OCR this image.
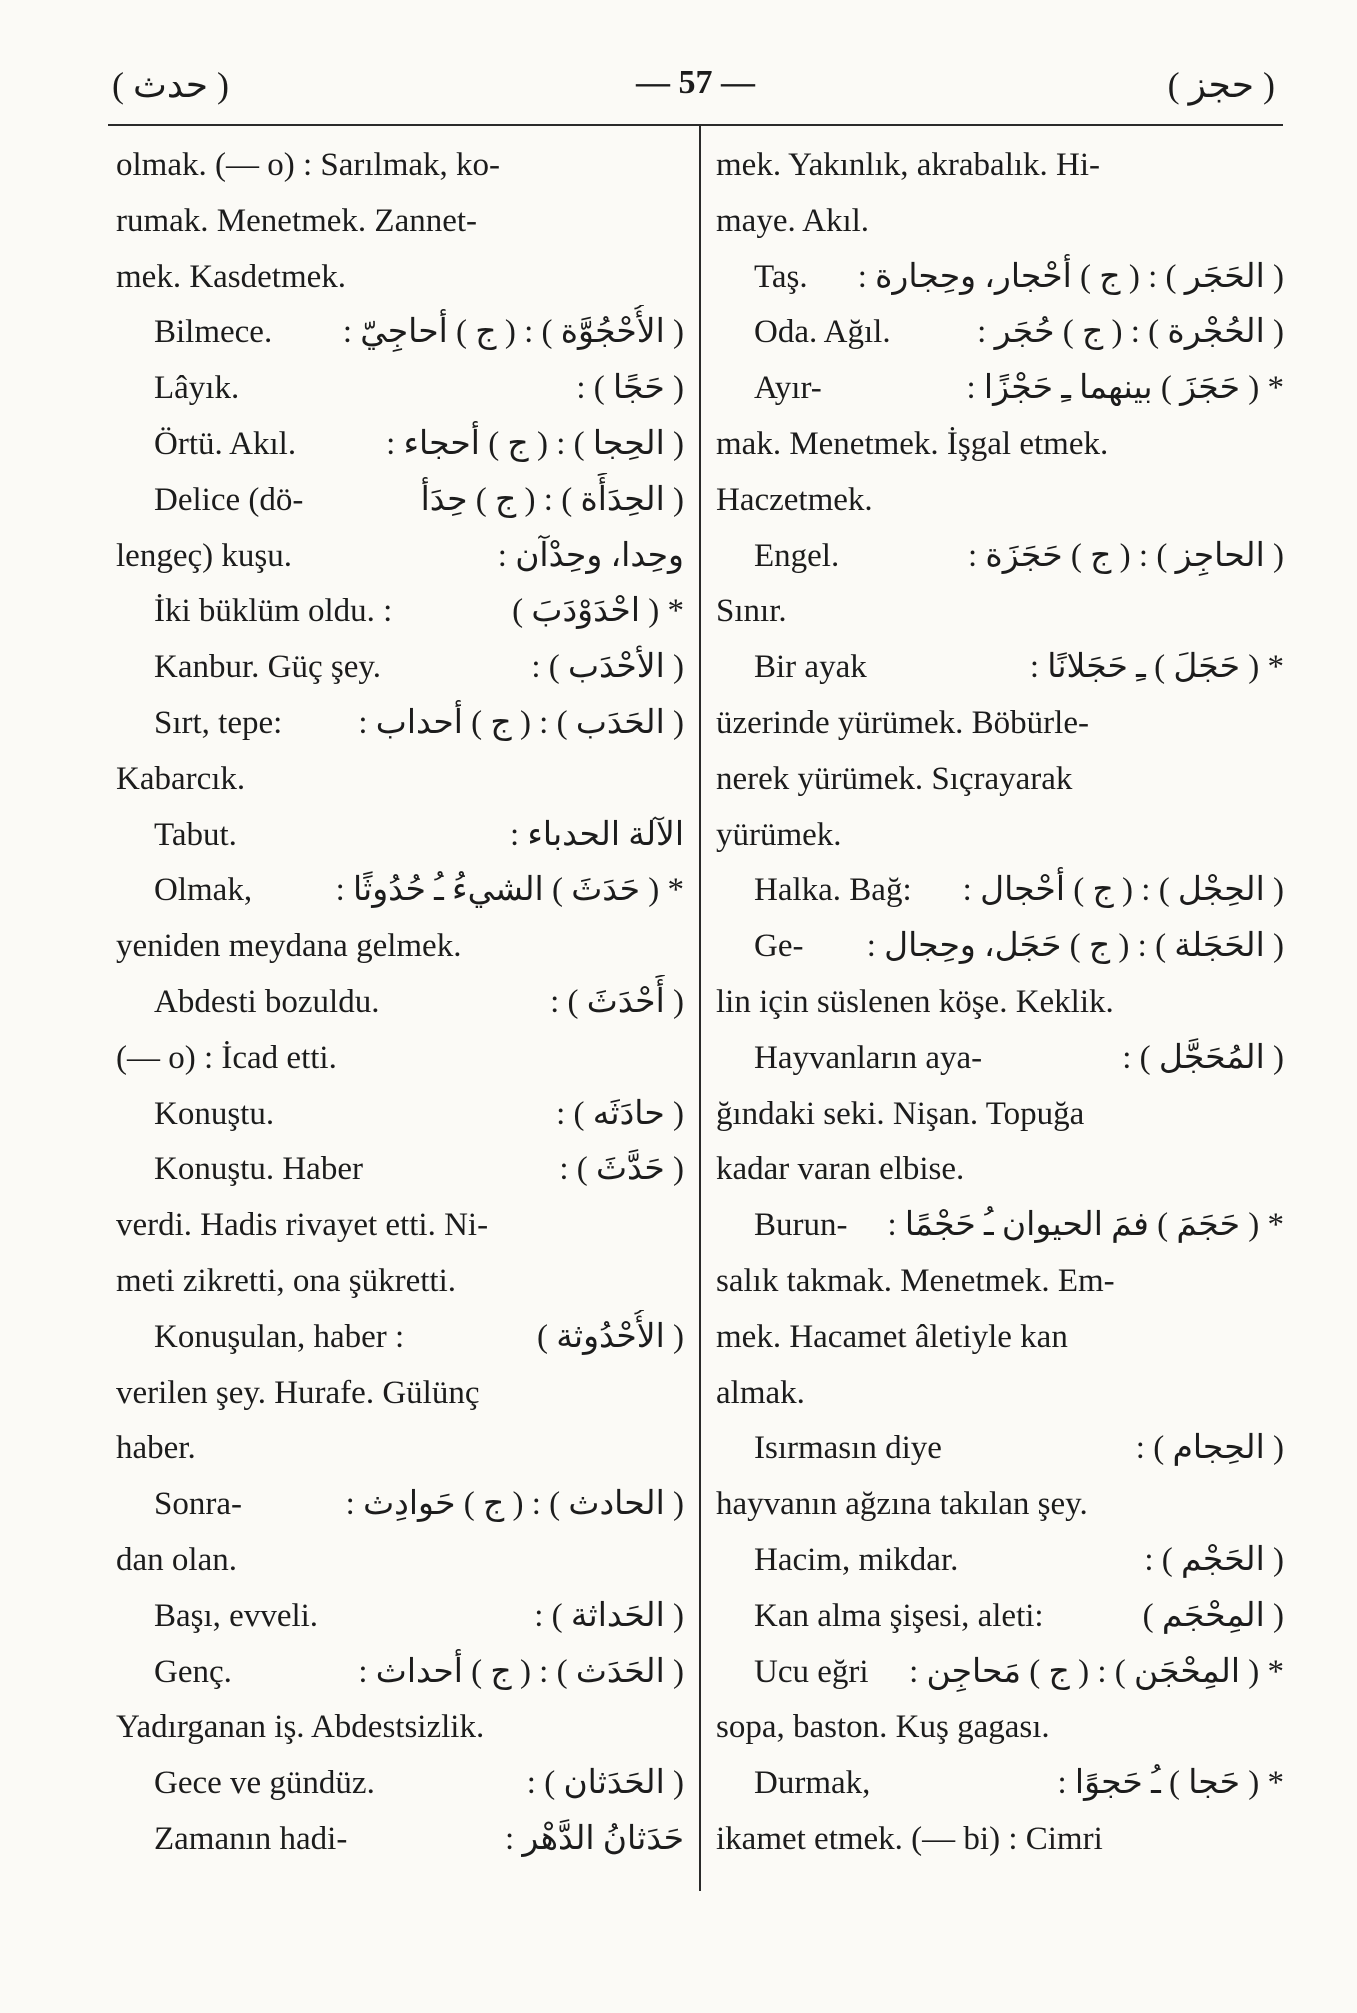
( حدث )	— 57 —	( حجز )
olmak. (— o) : Sarılmak, ko-
rumak. Menetmek. Zannet-
mek. Kasdetmek.
Bilmece. ( الأُحْجُوَّة ) : ( ج ) أحاجِيّ :
Lâyık.	( حَجًا ) :
Örtü. Akıl.	( الحِجا ) : ( ج ) أحجاء :
Delice (dö-	( الحِدَأَة ) : ( ج ) حِدَأ
lengeç) kuşu.	وحِدا، وحِدْآن :
İki büklüm oldu. :	* ( احْدَوْدَبَ )
Kanbur. Güç şey.	( الأحْدَب ) :
Sırt, tepe: ( الحَدَب ) : ( ج ) أحداب :
Kabarcık.
Tabut.	الآلة الحدباء :
Olmak,	* ( حَدَثَ ) الشيءُ ـُ حُدُوثًا :
yeniden meydana gelmek.
Abdesti bozuldu.	( أَحْدَثَ ) :
(— o) : İcad etti.
Konuştu.	( حادَثَه ) :
Konuştu. Haber	( حَدَّثَ ) :
verdi. Hadis rivayet etti. Ni-
meti zikretti, ona şükretti.
Konuşulan, haber :	( الأُحْدُوثة )
verilen şey. Hurafe. Gülünç
haber.
Sonra-	( الحادث ) : ( ج ) حَوادِث :
dan olan.
Başı, evveli.	( الحَداثة ) :
Genç.	( الحَدَث ) : ( ج ) أحداث :
Yadırganan iş. Abdestsizlik.
Gece ve gündüz.	( الحَدَثان ) :
Zamanın hadi-	حَدَثانُ الدَّهْر :
mek. Yakınlık, akrabalık. Hi-
maye. Akıl.
Taş. ( الحَجَر ) : ( ج ) أحْجار، وحِجارة :
Oda. Ağıl.	( الحُجْرة ) : ( ج ) حُجَر :
Ayır-	* ( حَجَزَ ) بينهما ـِ حَجْزًا :
mak. Menetmek. İşgal etmek.
Haczetmek.
Engel.	( الحاجِز ) : ( ج ) حَجَزَة :
Sınır.
Bir ayak	* ( حَجَلَ ) ـِ حَجَلانًا :
üzerinde yürümek. Böbürle-
nerek yürümek. Sıçrayarak
yürümek.
Halka. Bağ: ( الحِجْل ) : ( ج ) أحْجال :
Ge- ( الحَجَلة ) : ( ج ) حَجَل، وحِجال :
lin için süslenen köşe. Keklik.
Hayvanların aya-	( المُحَجَّل ) :
ğındaki seki. Nişan. Topuğa
kadar varan elbise.
Burun- * ( حَجَمَ ) فمَ الحيوان ـُ حَجْمًا :
salık takmak. Menetmek. Em-
mek. Hacamet âletiyle kan
almak.
Isırmasın diye	( الحِجام ) :
hayvanın ağzına takılan şey.
Hacim, mikdar.	( الحَجْم ) :
Kan alma şişesi, aleti:	( المِحْجَم )
Ucu eğri * ( المِحْجَن ) : ( ج ) مَحاجِن :
sopa, baston. Kuş gagası.
Durmak,	* ( حَجا ) ـُ حَجوًا :
ikamet etmek. (— bi) : Cimri
